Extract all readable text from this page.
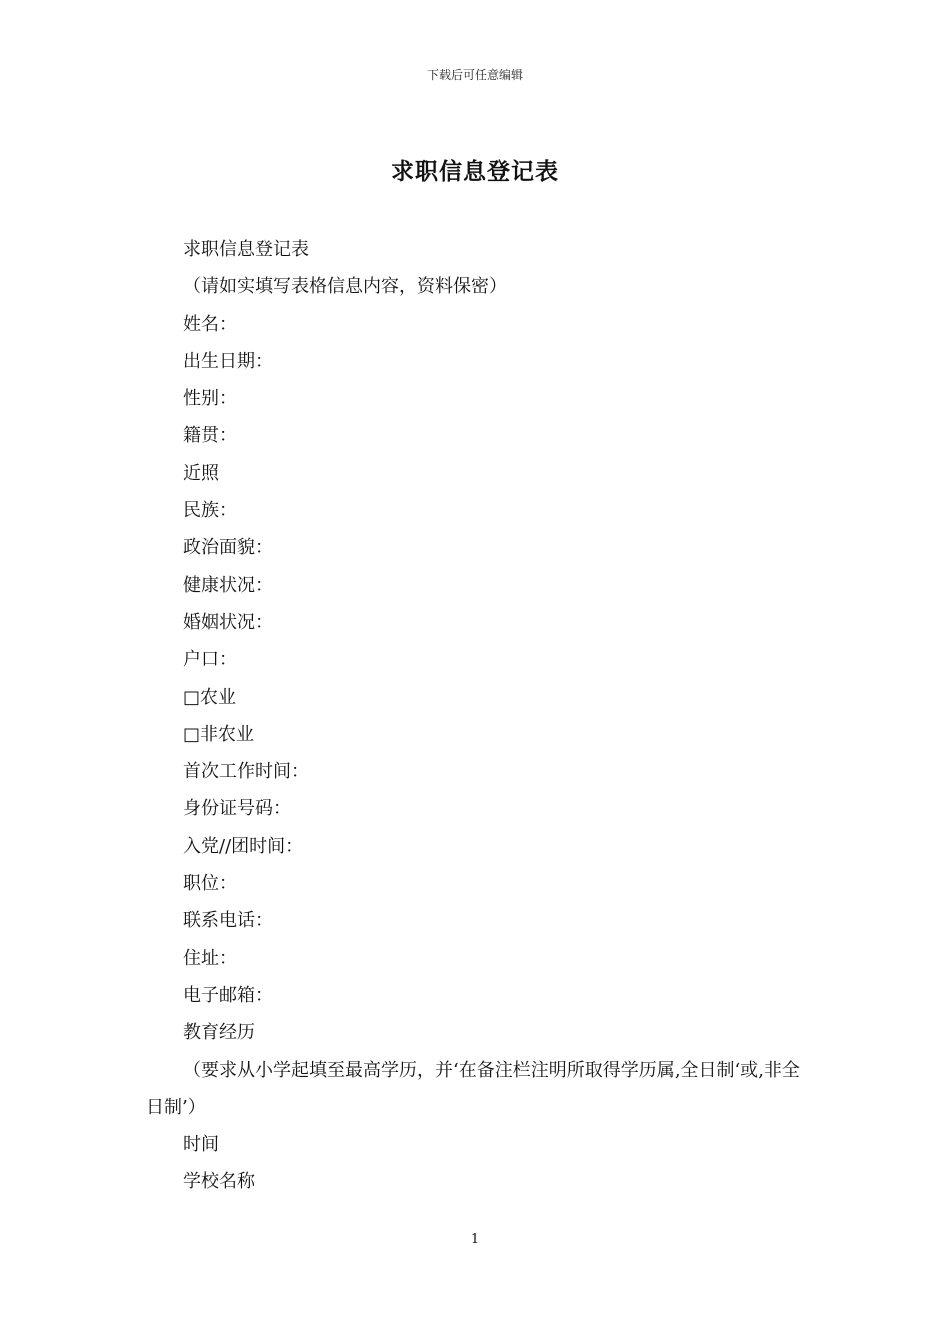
下载后可任意编辑
求职信息登记表
求职信息登记表
（请如实填写表格信息内容，资料保密）
姓名：
出生日期：
性别：
籍贯：
近照
民族：
政治面貌：
健康状况：
婚姻状况：
户口：
□农业
□非农业
首次工作时间：
身份证号码：
入党//团时间：
职位：
联系电话：
住址：
电子邮箱：
教育经历
（要求从小学起填至最高学历，并‘在备注栏注明所取得学历属‚全日制‘或‚非全日制’）
时间
学校名称
1
